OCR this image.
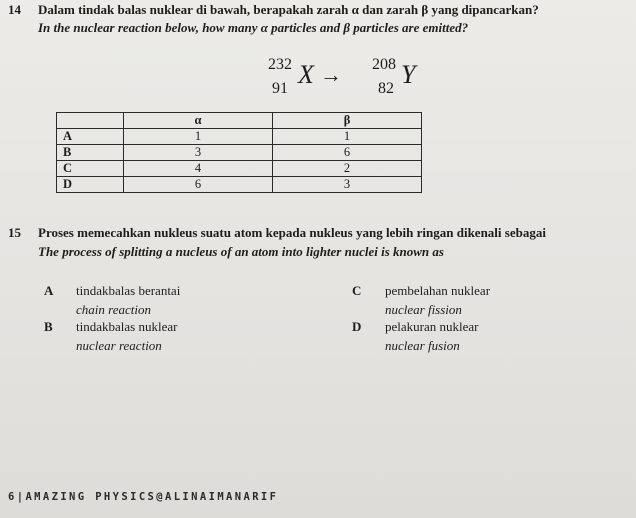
14 Dalam tindak balas nuklear di bawah, berapakah zarah α dan zarah β yang dipancarkan?
In the nuclear reaction below, how many α particles and β particles are emitted?
232
91 X → 208
82 Y
	α	β
A	1	1
B	3	6
C	4	2
D	6	3
15 Proses memecahkan nukleus suatu atom kepada nukleus yang lebih ringan dikenali sebagai
The process of splitting a nucleus of an atom into lighter nuclei is known as
A tindakbalas berantai
chain reaction
B tindakbalas nuklear
nuclear reaction
C pembelahan nuklear
nuclear fission
D pelakuran nuklear
nuclear fusion
6|AMAZING PHYSICS@ALINAIMANARIF
